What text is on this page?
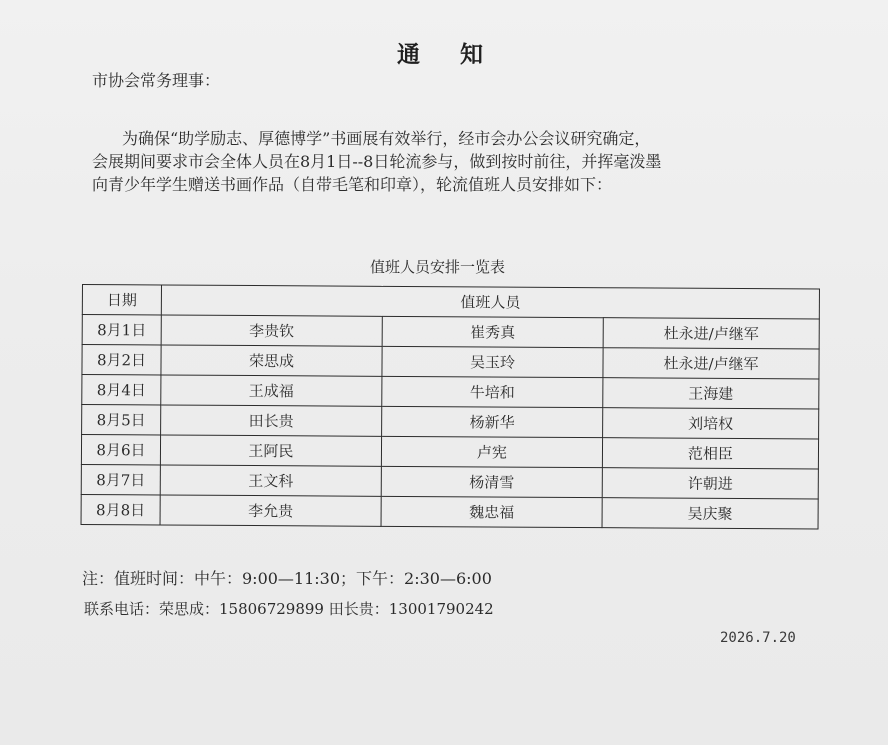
通知
市协会常务理事：

为确保“助学励志、厚德博学”书画展有效举行，经市会办公会议研究确定，

会展期间要求市会全体人员在8月1日--8日轮流参与，做到按时前往，并挥毫泼墨

向青少年学生赠送书画作品（自带毛笔和印章），轮流值班人员安排如下：

值班人员安排一览表
日期	值班人员		
8月1日	李贵钦	崔秀真	杜永进/卢继军
8月2日	荣思成	吴玉玲	杜永进/卢继军
8月4日	王成福	牛培和	王海建
8月5日	田长贵	杨新华	刘培权
8月6日	王阿民	卢宪	范相臣
8月7日	王文科	杨清雪	许朝进
8月8日	李允贵	魏忠福	吴庆聚
注：值班时间：中午：9:00—11:30；下午：2:30—6:00
联系电话：荣思成：15806729899 田长贵：13001790242
2026.7.20
